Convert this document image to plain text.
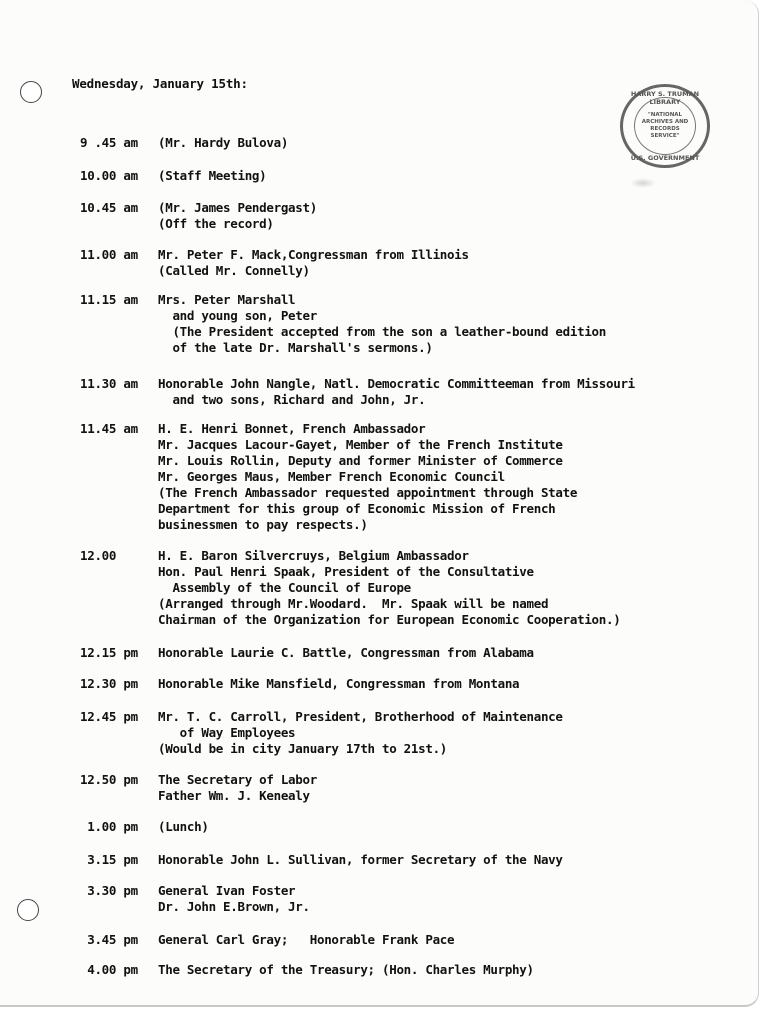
Wednesday, January 15th:
HARRY S. TRUMAN LIBRARY
"NATIONAL ARCHIVES AND RECORDS SERVICE"
U.S. GOVERNMENT
9 .45 am (Mr. Hardy Bulova)
10.00 am (Staff Meeting)
10.45 am (Mr. James Pendergast)
(Off the record)
11.00 am Mr. Peter F. Mack,Congressman from Illinois
(Called Mr. Connelly)
11.15 am Mrs. Peter Marshall
and young son, Peter
(The President accepted from the son a leather-bound edition
of the late Dr. Marshall's sermons.)
11.30 am Honorable John Nangle, Natl. Democratic Committeeman from Missouri
and two sons, Richard and John, Jr.
11.45 am H. E. Henri Bonnet, French Ambassador
Mr. Jacques Lacour-Gayet, Member of the French Institute
Mr. Louis Rollin, Deputy and former Minister of Commerce
Mr. Georges Maus, Member French Economic Council
(The French Ambassador requested appointment through State
Department for this group of Economic Mission of French
businessmen to pay respects.)
12.00	H. E. Baron Silvercruys, Belgium Ambassador
Hon. Paul Henri Spaak, President of the Consultative
Assembly of the Council of Europe
(Arranged through Mr.Woodard.  Mr. Spaak will be named
Chairman of the Organization for European Economic Cooperation.)
12.15 pm Honorable Laurie C. Battle, Congressman from Alabama
12.30 pm Honorable Mike Mansfield, Congressman from Montana
12.45 pm Mr. T. C. Carroll, President, Brotherhood of Maintenance
of Way Employees
(Would be in city January 17th to 21st.)
12.50 pm The Secretary of Labor
Father Wm. J. Kenealy
1.00 pm (Lunch)
3.15 pm Honorable John L. Sullivan, former Secretary of the Navy
3.30 pm General Ivan Foster
Dr. John E.Brown, Jr.
3.45 pm General Carl Gray;   Honorable Frank Pace
4.00 pm The Secretary of the Treasury; (Hon. Charles Murphy)
